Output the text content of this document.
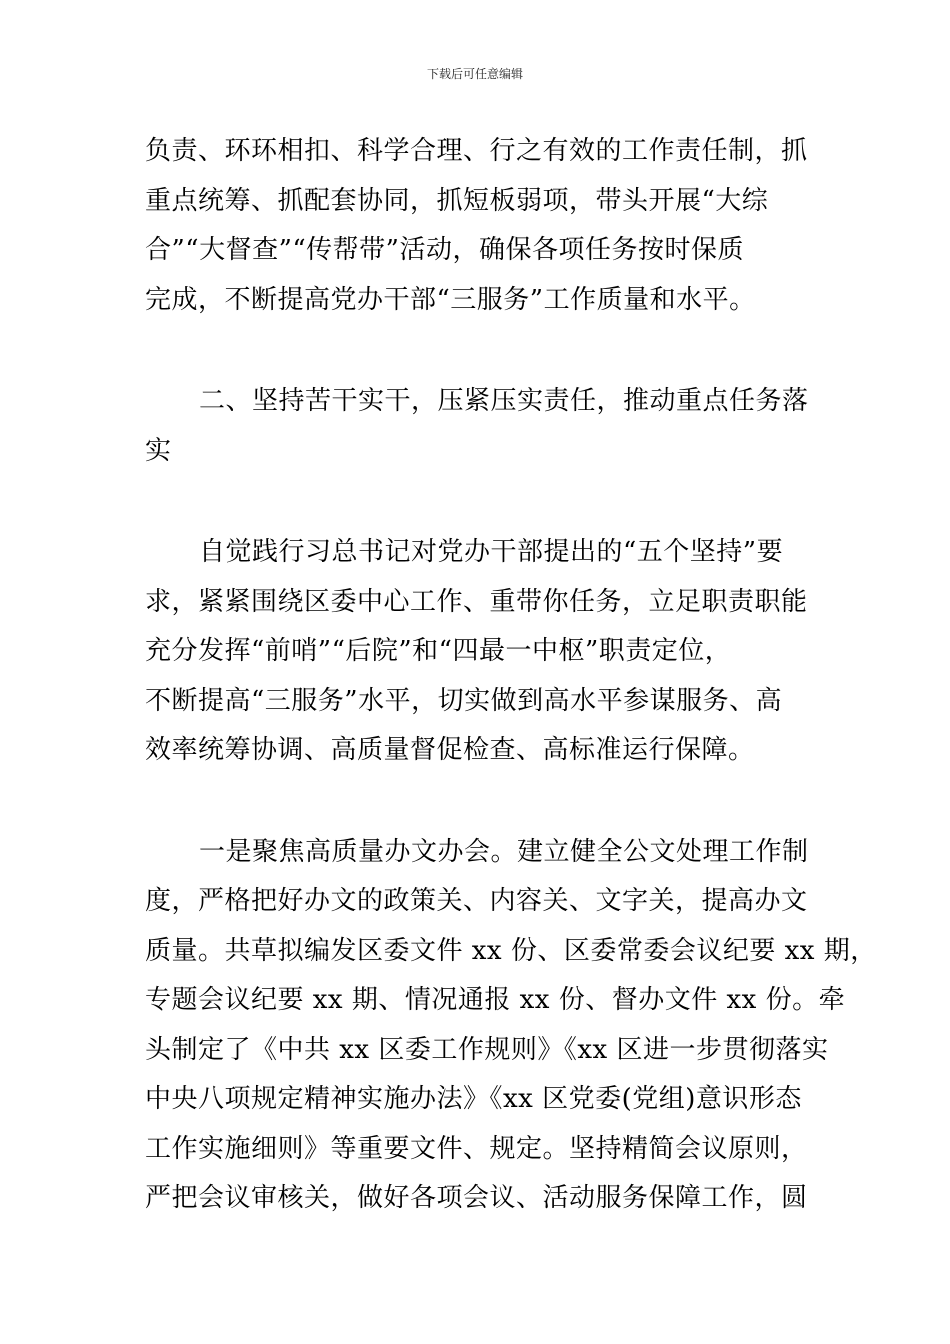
下载后可任意编辑
负责、环环相扣、科学合理、行之有效的工作责任制，抓
重点统筹、抓配套协同，抓短板弱项，带头开展“大综
合”“大督查”“传帮带”活动，确保各项任务按时保质
完成，不断提高党办干部“三服务”工作质量和水平。
二、坚持苦干实干，压紧压实责任，推动重点任务落
实
自觉践行习总书记对党办干部提出的“五个坚持”要
求，紧紧围绕区委中心工作、重带你任务，立足职责职能
充分发挥“前哨”“后院”和“四最一中枢”职责定位，
不断提高“三服务”水平，切实做到高水平参谋服务、高
效率统筹协调、高质量督促检查、高标准运行保障。
一是聚焦高质量办文办会。建立健全公文处理工作制
度，严格把好办文的政策关、内容关、文字关，提高办文
质量。共草拟编发区委文件 xx 份、区委常委会议纪要 xx 期，
专题会议纪要 xx 期、情况通报 xx 份、督办文件 xx 份。牵
头制定了《中共 xx 区委工作规则》《xx 区进一步贯彻落实
中央八项规定精神实施办法》《xx 区党委(党组)意识形态
工作实施细则》等重要文件、规定。坚持精简会议原则，
严把会议审核关，做好各项会议、活动服务保障工作，圆
